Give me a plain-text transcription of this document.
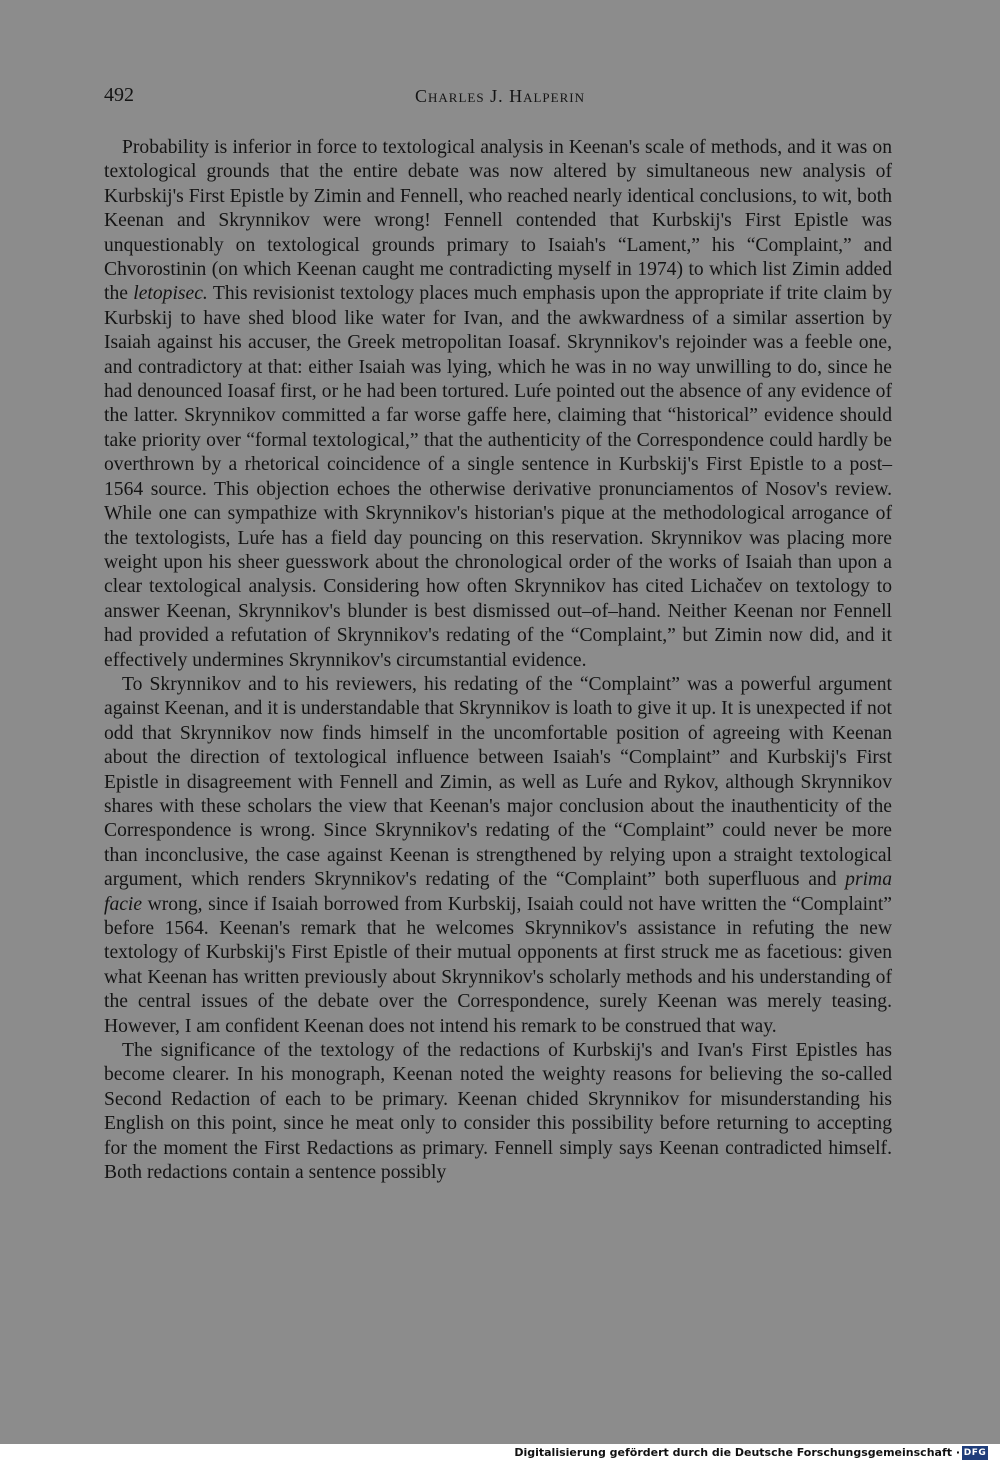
492	Charles J. Halperin

Probability is inferior in force to textological analysis in Keenan's scale of methods, and it was on textological grounds that the entire debate was now altered by simultaneous new analysis of Kurbskij's First Epistle by Zimin and Fennell, who reached nearly identical conclusions, to wit, both Keenan and Skrynnikov were wrong! Fennell contended that Kurbskij's First Epistle was unquestionably on textological grounds primary to Isaiah's “Lament,” his “Complaint,” and Chvorostinin (on which Keenan caught me contradicting myself in 1974) to which list Zimin added the letopisec. This revisionist textology places much emphasis upon the appropriate if trite claim by Kurbskij to have shed blood like water for Ivan, and the awkwardness of a similar assertion by Isaiah against his accuser, the Greek metropolitan Ioasaf. Skrynnikov's rejoinder was a feeble one, and contradictory at that: either Isaiah was lying, which he was in no way unwilling to do, since he had denounced Ioasaf first, or he had been tortured. Luŕe pointed out the absence of any evidence of the latter. Skrynnikov committed a far worse gaffe here, claiming that “historical” evidence should take priority over “formal textological,” that the authenticity of the Correspondence could hardly be overthrown by a rhetorical coincidence of a single sentence in Kurbskij's First Epistle to a post–1564 source. This objection echoes the otherwise derivative pronunciamentos of Nosov's review. While one can sympathize with Skrynnikov's historian's pique at the methodological arrogance of the textologists, Luŕe has a field day pouncing on this reservation. Skrynnikov was placing more weight upon his sheer guesswork about the chronological order of the works of Isaiah than upon a clear textological analysis. Considering how often Skrynnikov has cited Lichačev on textology to answer Keenan, Skrynnikov's blunder is best dismissed out–of–hand. Neither Keenan nor Fennell had provided a refutation of Skrynnikov's redating of the “Complaint,” but Zimin now did, and it effectively undermines Skrynnikov's circumstantial evidence.

To Skrynnikov and to his reviewers, his redating of the “Complaint” was a powerful argument against Keenan, and it is understandable that Skrynnikov is loath to give it up. It is unexpected if not odd that Skrynnikov now finds himself in the uncomfortable position of agreeing with Keenan about the direction of textological influence between Isaiah's “Complaint” and Kurbskij's First Epistle in disagreement with Fennell and Zimin, as well as Luŕe and Rykov, although Skrynnikov shares with these scholars the view that Keenan's major conclusion about the inauthenticity of the Correspondence is wrong. Since Skrynnikov's redating of the “Complaint” could never be more than inconclusive, the case against Keenan is strengthened by relying upon a straight textological argument, which renders Skrynnikov's redating of the “Complaint” both superfluous and prima facie wrong, since if Isaiah borrowed from Kurbskij, Isaiah could not have written the “Complaint” before 1564. Keenan's remark that he welcomes Skrynnikov's assistance in refuting the new textology of Kurbskij's First Epistle of their mutual opponents at first struck me as facetious: given what Keenan has written previously about Skrynnikov's scholarly methods and his understanding of the central issues of the debate over the Correspondence, surely Keenan was merely teasing. However, I am confident Keenan does not intend his remark to be construed that way.

The significance of the textology of the redactions of Kurbskij's and Ivan's First Epistles has become clearer. In his monograph, Keenan noted the weighty reasons for believing the so-called Second Redaction of each to be primary. Keenan chided Skrynnikov for misunderstanding his English on this point, since he meat only to consider this possibility before returning to accepting for the moment the First Redactions as primary. Fennell simply says Keenan contradicted himself. Both redactions contain a sentence possibly

Digitalisierung gefördert durch die Deutsche Forschungsgemeinschaft · DFG
